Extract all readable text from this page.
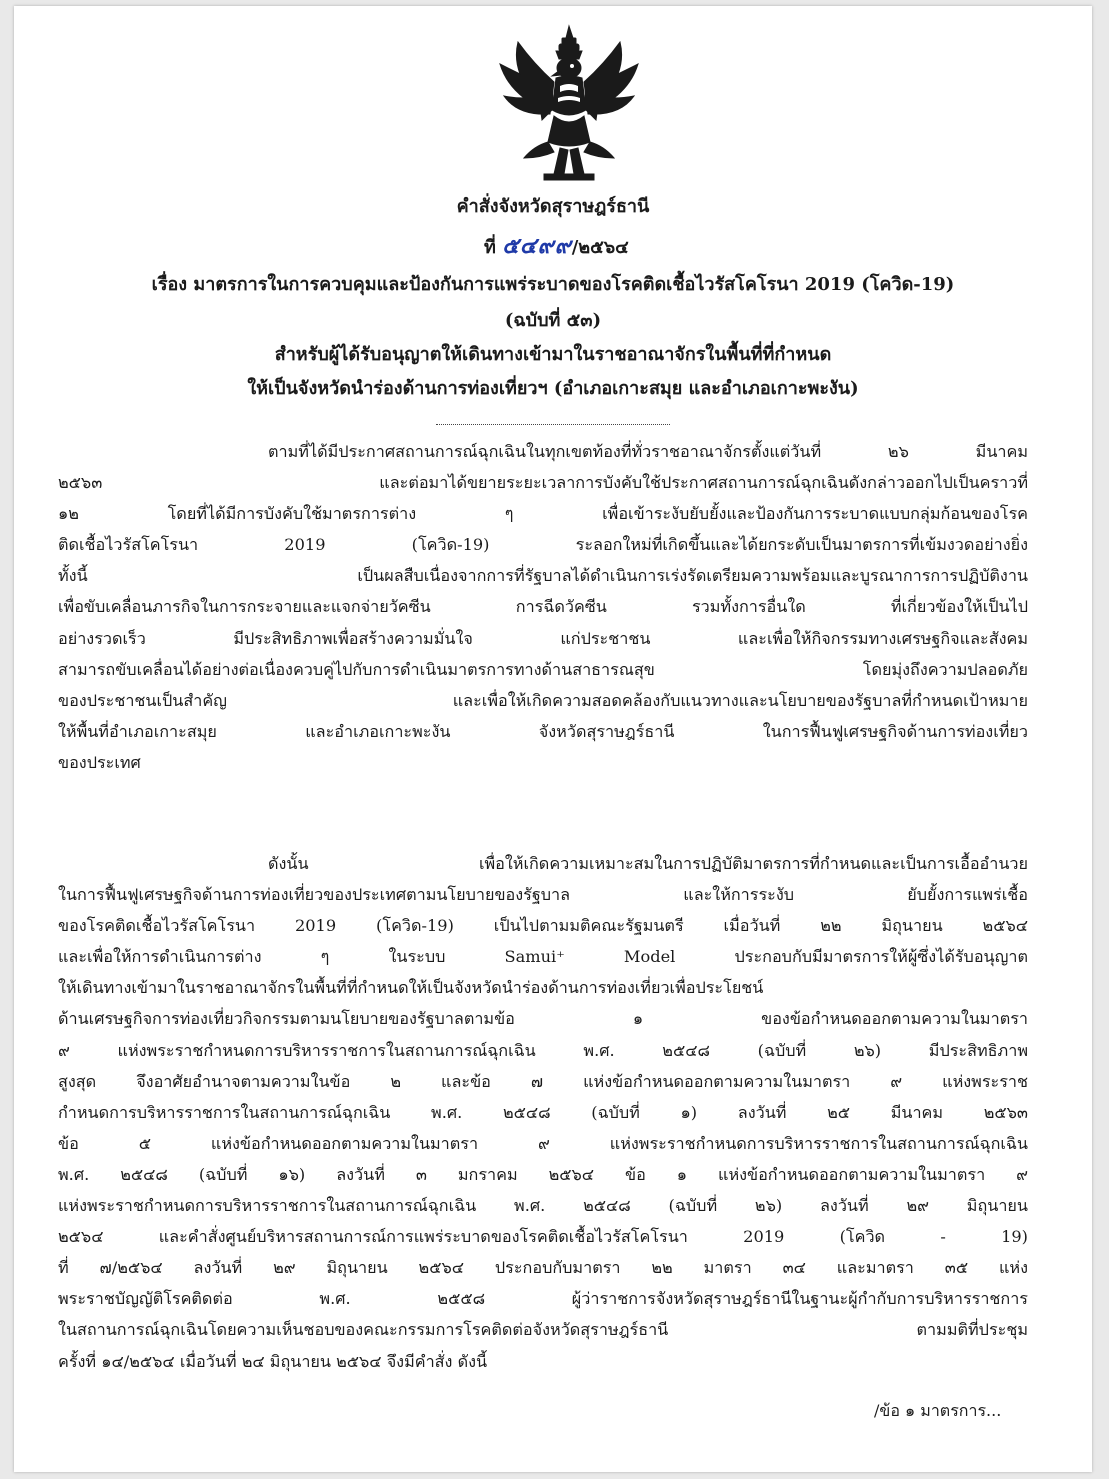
คำสั่งจังหวัดสุราษฎร์ธานี
ที่ ๕๔๙๙/๒๕๖๔
เรื่อง มาตรการในการควบคุมและป้องกันการแพร่ระบาดของโรคติดเชื้อไวรัสโคโรนา 2019 (โควิด-19)
(ฉบับที่ ๕๓)
สำหรับผู้ได้รับอนุญาตให้เดินทางเข้ามาในราชอาณาจักรในพื้นที่ที่กำหนด
ให้เป็นจังหวัดนำร่องด้านการท่องเที่ยวฯ (อำเภอเกาะสมุย และอำเภอเกาะพะงัน)
ตามที่ได้มีประกาศสถานการณ์ฉุกเฉินในทุกเขตท้องที่ทั่วราชอาณาจักรตั้งแต่วันที่ ๒๖ มีนาคม
๒๕๖๓ และต่อมาได้ขยายระยะเวลาการบังคับใช้ประกาศสถานการณ์ฉุกเฉินดังกล่าวออกไปเป็นคราวที่
๑๒ โดยที่ได้มีการบังคับใช้มาตรการต่าง ๆ เพื่อเข้าระงับยับยั้งและป้องกันการระบาดแบบกลุ่มก้อนของโรค
ติดเชื้อไวรัสโคโรนา 2019 (โควิด-19) ระลอกใหม่ที่เกิดขึ้นและได้ยกระดับเป็นมาตรการที่เข้มงวดอย่างยิ่ง
ทั้งนี้ เป็นผลสืบเนื่องจากการที่รัฐบาลได้ดำเนินการเร่งรัดเตรียมความพร้อมและบูรณาการการปฏิบัติงาน
เพื่อขับเคลื่อนภารกิจในการกระจายและแจกจ่ายวัคซีน การฉีดวัคซีน รวมทั้งการอื่นใด ที่เกี่ยวข้องให้เป็นไป
อย่างรวดเร็ว มีประสิทธิภาพเพื่อสร้างความมั่นใจ แก่ประชาชน และเพื่อให้กิจกรรมทางเศรษฐกิจและสังคม
สามารถขับเคลื่อนได้อย่างต่อเนื่องควบคู่ไปกับการดำเนินมาตรการทางด้านสาธารณสุข โดยมุ่งถึงความปลอดภัย
ของประชาชนเป็นสำคัญ และเพื่อให้เกิดความสอดคล้องกับแนวทางและนโยบายของรัฐบาลที่กำหนดเป้าหมาย
ให้พื้นที่อำเภอเกาะสมุย และอำเภอเกาะพะงัน จังหวัดสุราษฎร์ธานี ในการฟื้นฟูเศรษฐกิจด้านการท่องเที่ยว
ของประเทศ
ดังนั้น เพื่อให้เกิดความเหมาะสมในการปฏิบัติมาตรการที่กำหนดและเป็นการเอื้ออำนวย
ในการฟื้นฟูเศรษฐกิจด้านการท่องเที่ยวของประเทศตามนโยบายของรัฐบาล และให้การระงับ ยับยั้งการแพร่เชื้อ
ของโรคติดเชื้อไวรัสโคโรนา 2019 (โควิด-19) เป็นไปตามมติคณะรัฐมนตรี เมื่อวันที่ ๒๒ มิถุนายน ๒๕๖๔
และเพื่อให้การดำเนินการต่าง ๆ ในระบบ Samui⁺ Model ประกอบกับมีมาตรการให้ผู้ซึ่งได้รับอนุญาต
ให้เดินทางเข้ามาในราชอาณาจักรในพื้นที่ที่กำหนดให้เป็นจังหวัดนำร่องด้านการท่องเที่ยวเพื่อประโยชน์
ด้านเศรษฐกิจการท่องเที่ยวกิจกรรมตามนโยบายของรัฐบาลตามข้อ ๑ ของข้อกำหนดออกตามความในมาตรา
๙ แห่งพระราชกำหนดการบริหารราชการในสถานการณ์ฉุกเฉิน พ.ศ. ๒๕๔๘ (ฉบับที่ ๒๖) มีประสิทธิภาพ
สูงสุด จึงอาศัยอำนาจตามความในข้อ ๒ และข้อ ๗ แห่งข้อกำหนดออกตามความในมาตรา ๙ แห่งพระราช
กำหนดการบริหารราชการในสถานการณ์ฉุกเฉิน พ.ศ. ๒๕๔๘ (ฉบับที่ ๑) ลงวันที่ ๒๕ มีนาคม ๒๕๖๓
ข้อ ๕ แห่งข้อกำหนดออกตามความในมาตรา ๙ แห่งพระราชกำหนดการบริหารราชการในสถานการณ์ฉุกเฉิน
พ.ศ. ๒๕๔๘ (ฉบับที่ ๑๖) ลงวันที่ ๓ มกราคม ๒๕๖๔ ข้อ ๑ แห่งข้อกำหนดออกตามความในมาตรา ๙
แห่งพระราชกำหนดการบริหารราชการในสถานการณ์ฉุกเฉิน พ.ศ. ๒๕๔๘ (ฉบับที่ ๒๖) ลงวันที่ ๒๙ มิถุนายน
๒๕๖๔ และคำสั่งศูนย์บริหารสถานการณ์การแพร่ระบาดของโรคติดเชื้อไวรัสโคโรนา 2019 (โควิด - 19)
ที่ ๗/๒๕๖๔ ลงวันที่ ๒๙ มิถุนายน ๒๕๖๔ ประกอบกับมาตรา ๒๒ มาตรา ๓๔ และมาตรา ๓๕ แห่ง
พระราชบัญญัติโรคติดต่อ พ.ศ. ๒๕๕๘ ผู้ว่าราชการจังหวัดสุราษฎร์ธานีในฐานะผู้กำกับการบริหารราชการ
ในสถานการณ์ฉุกเฉินโดยความเห็นชอบของคณะกรรมการโรคติดต่อจังหวัดสุราษฎร์ธานี ตามมติที่ประชุม
ครั้งที่ ๑๔/๒๕๖๔ เมื่อวันที่ ๒๔ มิถุนายน ๒๕๖๔ จึงมีคำสั่ง ดังนี้
/ข้อ ๑ มาตรการ...
